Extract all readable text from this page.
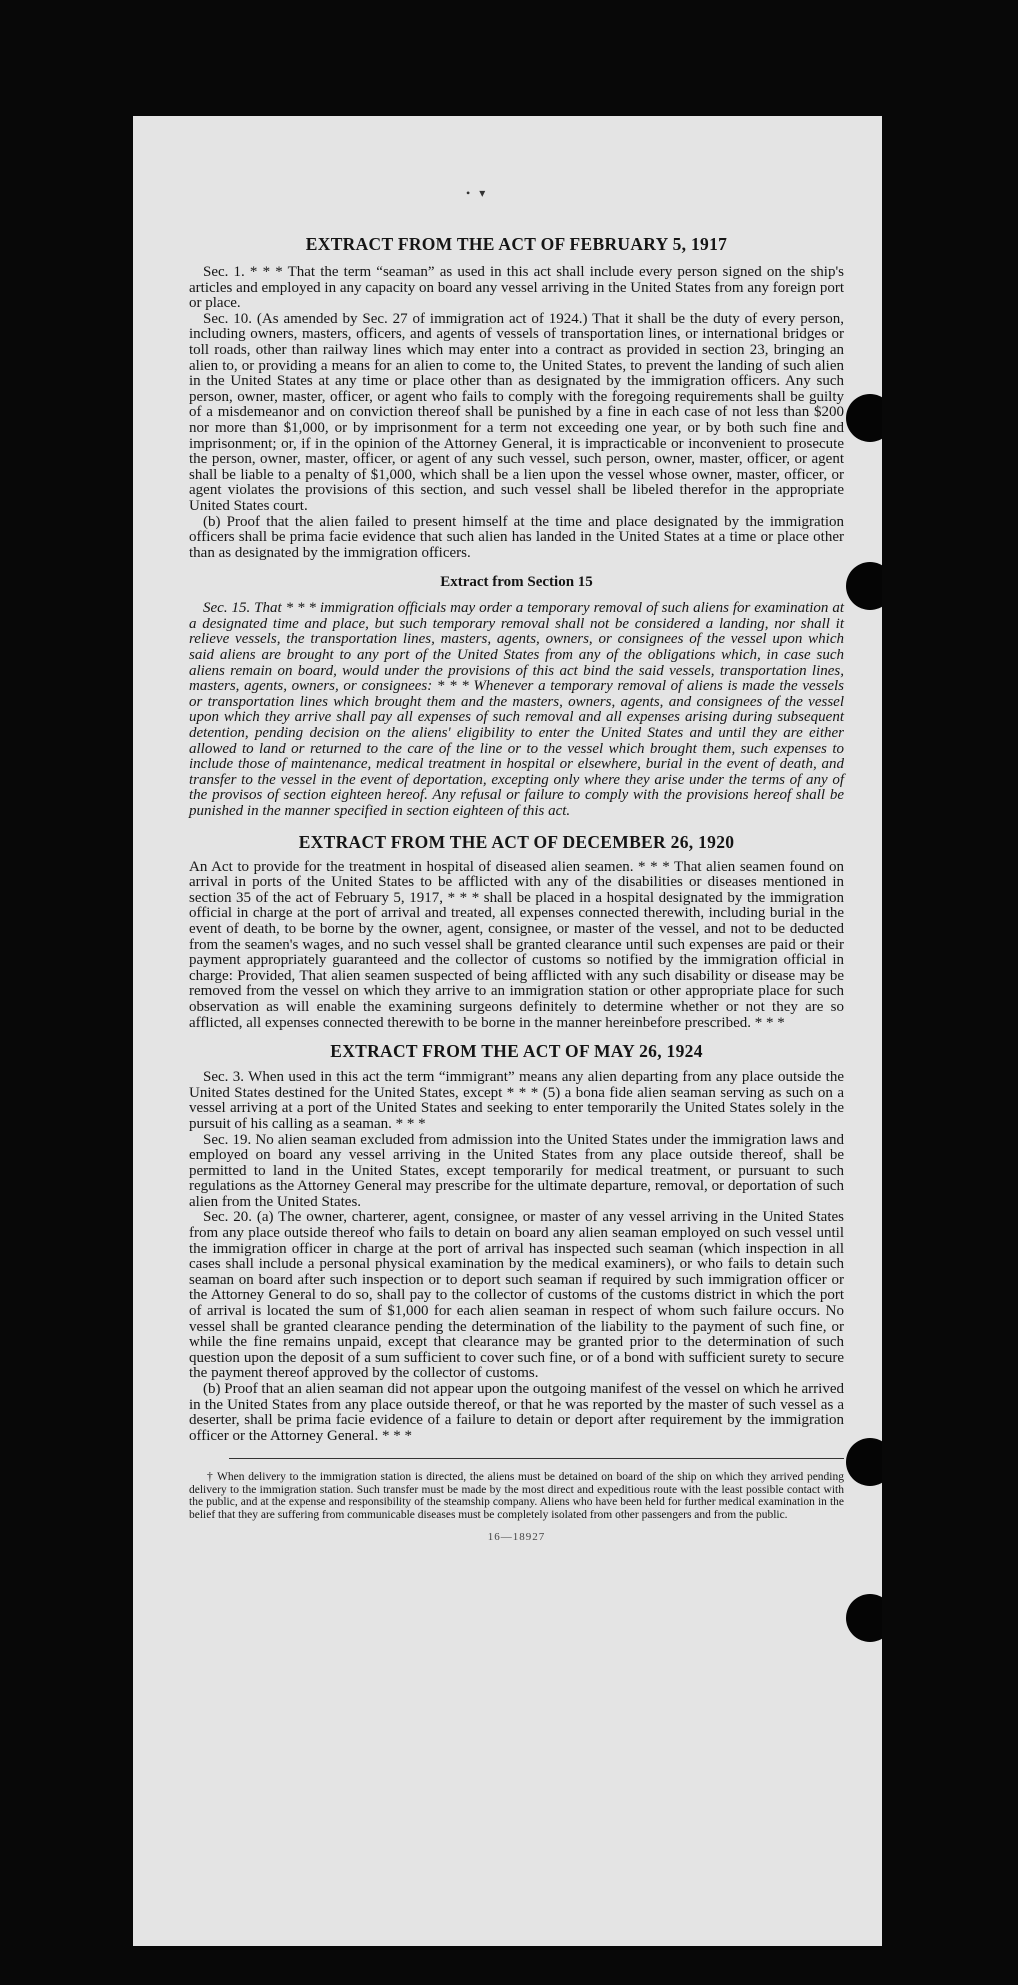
• ▾
EXTRACT FROM THE ACT OF FEBRUARY 5, 1917

Sec. 1. * * * That the term “seaman” as used in this act shall include every person signed on the ship's articles and employed in any capacity on board any vessel arriving in the United States from any foreign port or place.

Sec. 10. (As amended by Sec. 27 of immigration act of 1924.) That it shall be the duty of every person, including owners, masters, officers, and agents of vessels of transportation lines, or international bridges or toll roads, other than railway lines which may enter into a contract as provided in section 23, bringing an alien to, or providing a means for an alien to come to, the United States, to prevent the landing of such alien in the United States at any time or place other than as designated by the immigration officers. Any such person, owner, master, officer, or agent who fails to comply with the foregoing requirements shall be guilty of a misdemeanor and on conviction thereof shall be punished by a fine in each case of not less than $200 nor more than $1,000, or by imprisonment for a term not exceeding one year, or by both such fine and imprisonment; or, if in the opinion of the Attorney General, it is impracticable or inconvenient to prosecute the person, owner, master, officer, or agent of any such vessel, such person, owner, master, officer, or agent shall be liable to a penalty of $1,000, which shall be a lien upon the vessel whose owner, master, officer, or agent violates the provisions of this section, and such vessel shall be libeled therefor in the appropriate United States court.

(b) Proof that the alien failed to present himself at the time and place designated by the immigration officers shall be prima facie evidence that such alien has landed in the United States at a time or place other than as designated by the immigration officers.

Extract from Section 15

Sec. 15. That * * * immigration officials may order a temporary removal of such aliens for examination at a designated time and place, but such temporary removal shall not be considered a landing, nor shall it relieve vessels, the transportation lines, masters, agents, owners, or consignees of the vessel upon which said aliens are brought to any port of the United States from any of the obligations which, in case such aliens remain on board, would under the provisions of this act bind the said vessels, transportation lines, masters, agents, owners, or consignees: * * * Whenever a temporary removal of aliens is made the vessels or transportation lines which brought them and the masters, owners, agents, and consignees of the vessel upon which they arrive shall pay all expenses of such removal and all expenses arising during subsequent detention, pending decision on the aliens' eligibility to enter the United States and until they are either allowed to land or returned to the care of the line or to the vessel which brought them, such expenses to include those of maintenance, medical treatment in hospital or elsewhere, burial in the event of death, and transfer to the vessel in the event of deportation, excepting only where they arise under the terms of any of the provisos of section eighteen hereof. Any refusal or failure to comply with the provisions hereof shall be punished in the manner specified in section eighteen of this act.

EXTRACT FROM THE ACT OF DECEMBER 26, 1920

An Act to provide for the treatment in hospital of diseased alien seamen. * * * That alien seamen found on arrival in ports of the United States to be afflicted with any of the disabilities or diseases mentioned in section 35 of the act of February 5, 1917, * * * shall be placed in a hospital designated by the immigration official in charge at the port of arrival and treated, all expenses connected therewith, including burial in the event of death, to be borne by the owner, agent, consignee, or master of the vessel, and not to be deducted from the seamen's wages, and no such vessel shall be granted clearance until such expenses are paid or their payment appropriately guaranteed and the collector of customs so notified by the immigration official in charge: Provided, That alien seamen suspected of being afflicted with any such disability or disease may be removed from the vessel on which they arrive to an immigration station or other appropriate place for such observation as will enable the examining surgeons definitely to determine whether or not they are so afflicted, all expenses connected therewith to be borne in the manner hereinbefore prescribed. * * *

EXTRACT FROM THE ACT OF MAY 26, 1924

Sec. 3. When used in this act the term “immigrant” means any alien departing from any place outside the United States destined for the United States, except * * * (5) a bona fide alien seaman serving as such on a vessel arriving at a port of the United States and seeking to enter temporarily the United States solely in the pursuit of his calling as a seaman. * * *

Sec. 19. No alien seaman excluded from admission into the United States under the immigration laws and employed on board any vessel arriving in the United States from any place outside thereof, shall be permitted to land in the United States, except temporarily for medical treatment, or pursuant to such regulations as the Attorney General may prescribe for the ultimate departure, removal, or deportation of such alien from the United States.

Sec. 20. (a) The owner, charterer, agent, consignee, or master of any vessel arriving in the United States from any place outside thereof who fails to detain on board any alien seaman employed on such vessel until the immigration officer in charge at the port of arrival has inspected such seaman (which inspection in all cases shall include a personal physical examination by the medical examiners), or who fails to detain such seaman on board after such inspection or to deport such seaman if required by such immigration officer or the Attorney General to do so, shall pay to the collector of customs of the customs district in which the port of arrival is located the sum of $1,000 for each alien seaman in respect of whom such failure occurs. No vessel shall be granted clearance pending the determination of the liability to the payment of such fine, or while the fine remains unpaid, except that clearance may be granted prior to the determination of such question upon the deposit of a sum sufficient to cover such fine, or of a bond with sufficient surety to secure the payment thereof approved by the collector of customs.

(b) Proof that an alien seaman did not appear upon the outgoing manifest of the vessel on which he arrived in the United States from any place outside thereof, or that he was reported by the master of such vessel as a deserter, shall be prima facie evidence of a failure to detain or deport after requirement by the immigration officer or the Attorney General. * * *

† When delivery to the immigration station is directed, the aliens must be detained on board of the ship on which they arrived pending delivery to the immigration station. Such transfer must be made by the most direct and expeditious route with the least possible contact with the public, and at the expense and responsibility of the steamship company. Aliens who have been held for further medical examination in the belief that they are suffering from communicable diseases must be completely isolated from other passengers and from the public.

16—18927
